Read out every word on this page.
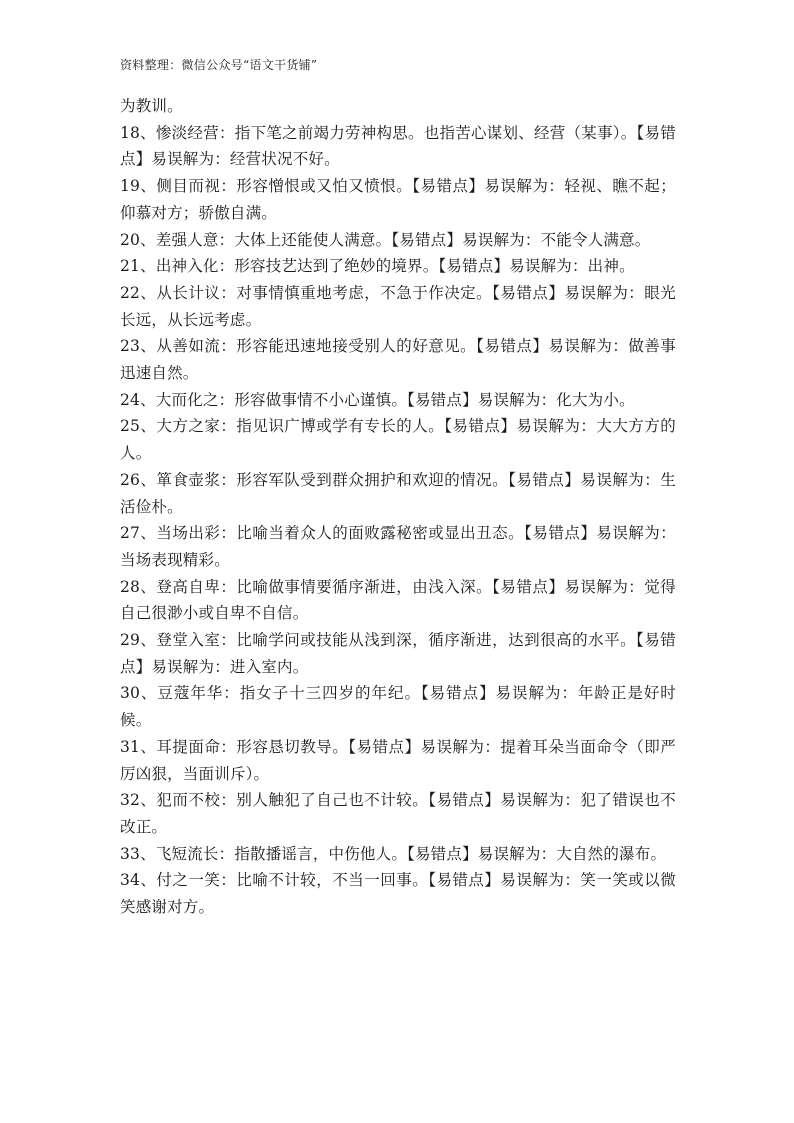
资料整理：微信公众号“语文干货铺”

为教训。

18、惨淡经营：指下笔之前竭力劳神构思。也指苦心谋划、经营（某事）。【易错点】易误解为：经营状况不好。

19、侧目而视：形容憎恨或又怕又愤恨。【易错点】易误解为：轻视、瞧不起；仰慕对方；骄傲自满。

20、差强人意：大体上还能使人满意。【易错点】易误解为：不能令人满意。

21、出神入化：形容技艺达到了绝妙的境界。【易错点】易误解为：出神。

22、从长计议：对事情慎重地考虑，不急于作决定。【易错点】易误解为：眼光长远，从长远考虑。

23、从善如流：形容能迅速地接受别人的好意见。【易错点】易误解为：做善事迅速自然。

24、大而化之：形容做事情不小心谨慎。【易错点】易误解为：化大为小。

25、大方之家：指见识广博或学有专长的人。【易错点】易误解为：大大方方的人。

26、箪食壶浆：形容军队受到群众拥护和欢迎的情况。【易错点】易误解为：生活俭朴。

27、当场出彩：比喻当着众人的面败露秘密或显出丑态。【易错点】易误解为：当场表现精彩。

28、登高自卑：比喻做事情要循序渐进，由浅入深。【易错点】易误解为：觉得自己很渺小或自卑不自信。

29、登堂入室：比喻学问或技能从浅到深，循序渐进，达到很高的水平。【易错点】易误解为：进入室内。

30、豆蔻年华：指女子十三四岁的年纪。【易错点】易误解为：年龄正是好时候。

31、耳提面命：形容恳切教导。【易错点】易误解为：提着耳朵当面命令（即严厉凶狠，当面训斥）。

32、犯而不校：别人触犯了自己也不计较。【易错点】易误解为：犯了错误也不改正。

33、飞短流长：指散播谣言，中伤他人。【易错点】易误解为：大自然的瀑布。

34、付之一笑：比喻不计较，不当一回事。【易错点】易误解为：笑一笑或以微笑感谢对方。
